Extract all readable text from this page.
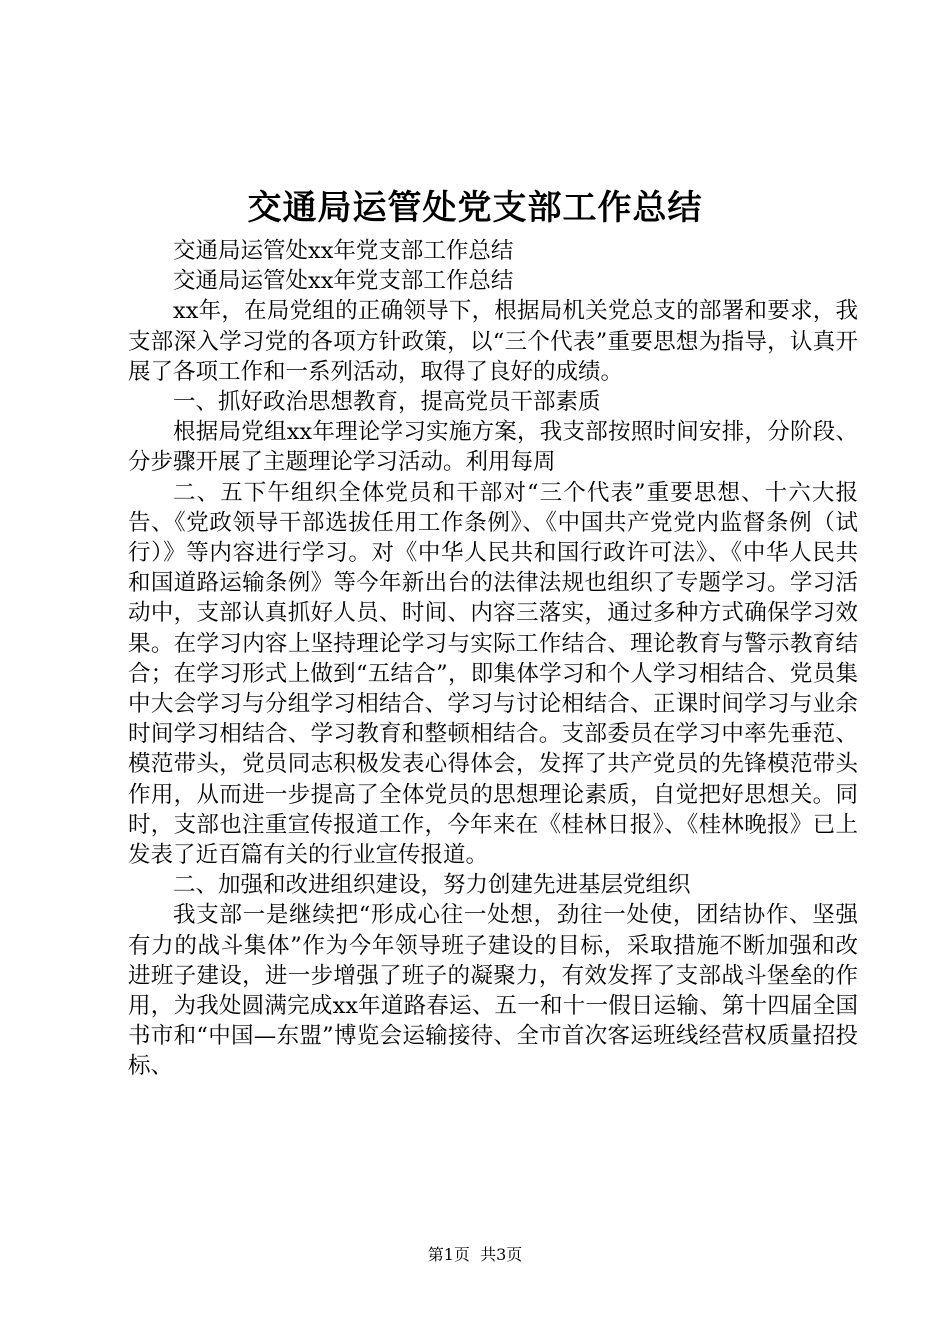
交通局运管处党支部工作总结

交通局运管处xx年党支部工作总结

交通局运管处xx年党支部工作总结

xx年，在局党组的正确领导下，根据局机关党总支的部署和要求，我支部深入学习党的各项方针政策，以“三个代表”重要思想为指导，认真开展了各项工作和一系列活动，取得了良好的成绩。

一、抓好政治思想教育，提高党员干部素质

根据局党组xx年理论学习实施方案，我支部按照时间安排，分阶段、分步骤开展了主题理论学习活动。利用每周

二、五下午组织全体党员和干部对“三个代表”重要思想、十六大报告、《党政领导干部选拔任用工作条例》、《中国共产党党内监督条例（试行）》等内容进行学习。对《中华人民共和国行政许可法》、《中华人民共和国道路运输条例》等今年新出台的法律法规也组织了专题学习。学习活动中，支部认真抓好人员、时间、内容三落实，通过多种方式确保学习效果。在学习内容上坚持理论学习与实际工作结合、理论教育与警示教育结合；在学习形式上做到“五结合”，即集体学习和个人学习相结合、党员集中大会学习与分组学习相结合、学习与讨论相结合、正课时间学习与业余时间学习相结合、学习教育和整顿相结合。支部委员在学习中率先垂范、模范带头，党员同志积极发表心得体会，发挥了共产党员的先锋模范带头作用，从而进一步提高了全体党员的思想理论素质，自觉把好思想关。同时，支部也注重宣传报道工作，今年来在《桂林日报》、《桂林晚报》已上发表了近百篇有关的行业宣传报道。

二、加强和改进组织建设，努力创建先进基层党组织

我支部一是继续把“形成心往一处想，劲往一处使，团结协作、坚强有力的战斗集体”作为今年领导班子建设的目标，采取措施不断加强和改进班子建设，进一步增强了班子的凝聚力，有效发挥了支部战斗堡垒的作用，为我处圆满完成xx年道路春运、五一和十一假日运输、第十四届全国书市和“中国—东盟”博览会运输接待、全市首次客运班线经营权质量招投标、

第1页 共3页
